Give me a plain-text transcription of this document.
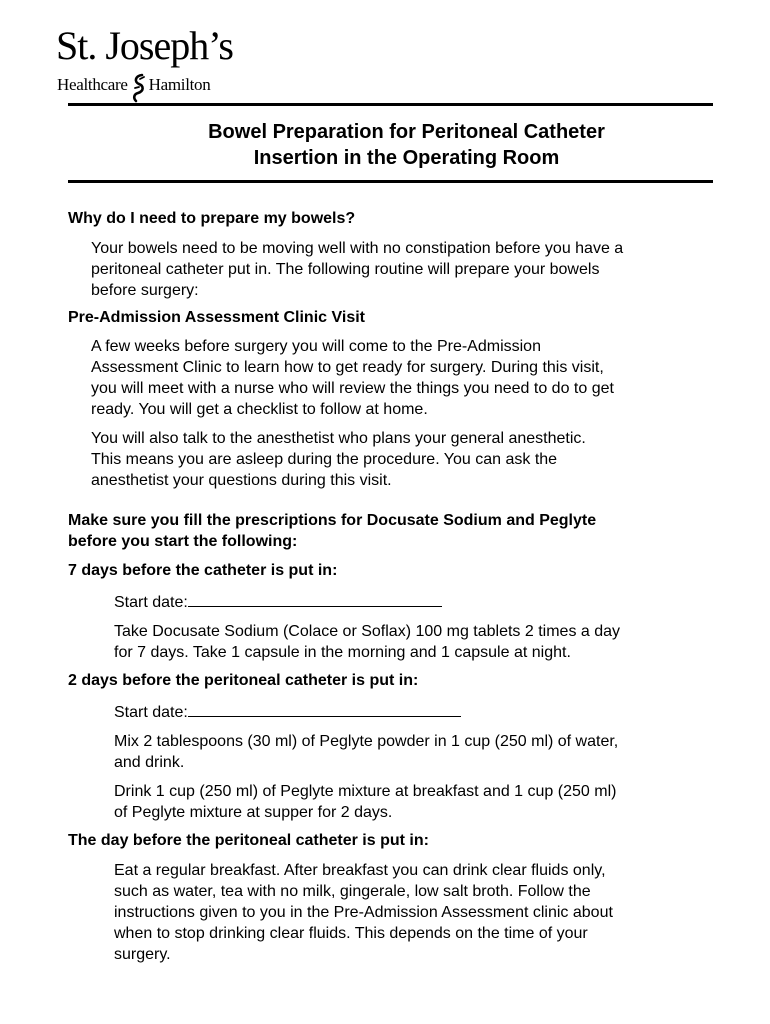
St. Joseph’s
Healthcare Hamilton
Bowel Preparation for Peritoneal Catheter
Insertion in the Operating Room

Why do I need to prepare my bowels?

Your bowels need to be moving well with no constipation before you have a
peritoneal catheter put in. The following routine will prepare your bowels
before surgery:

Pre-Admission Assessment Clinic Visit

A few weeks before surgery you will come to the Pre-Admission
Assessment Clinic to learn how to get ready for surgery. During this visit,
you will meet with a nurse who will review the things you need to do to get
ready. You will get a checklist to follow at home.

You will also talk to the anesthetist who plans your general anesthetic.
This means you are asleep during the procedure. You can ask the
anesthetist your questions during this visit.

Make sure you fill the prescriptions for Docusate Sodium and Peglyte
before you start the following:

7 days before the catheter is put in:

Start date:

Take Docusate Sodium (Colace or Soflax) 100 mg tablets 2 times a day
for 7 days. Take 1 capsule in the morning and 1 capsule at night.

2 days before the peritoneal catheter is put in:

Start date:

Mix 2 tablespoons (30 ml) of Peglyte powder in 1 cup (250 ml) of water,
and drink.

Drink 1 cup (250 ml) of Peglyte mixture at breakfast and 1 cup (250 ml)
of Peglyte mixture at supper for 2 days.

The day before the peritoneal catheter is put in:

Eat a regular breakfast. After breakfast you can drink clear fluids only,
such as water, tea with no milk, gingerale, low salt broth. Follow the
instructions given to you in the Pre-Admission Assessment clinic about
when to stop drinking clear fluids. This depends on the time of your
surgery.
